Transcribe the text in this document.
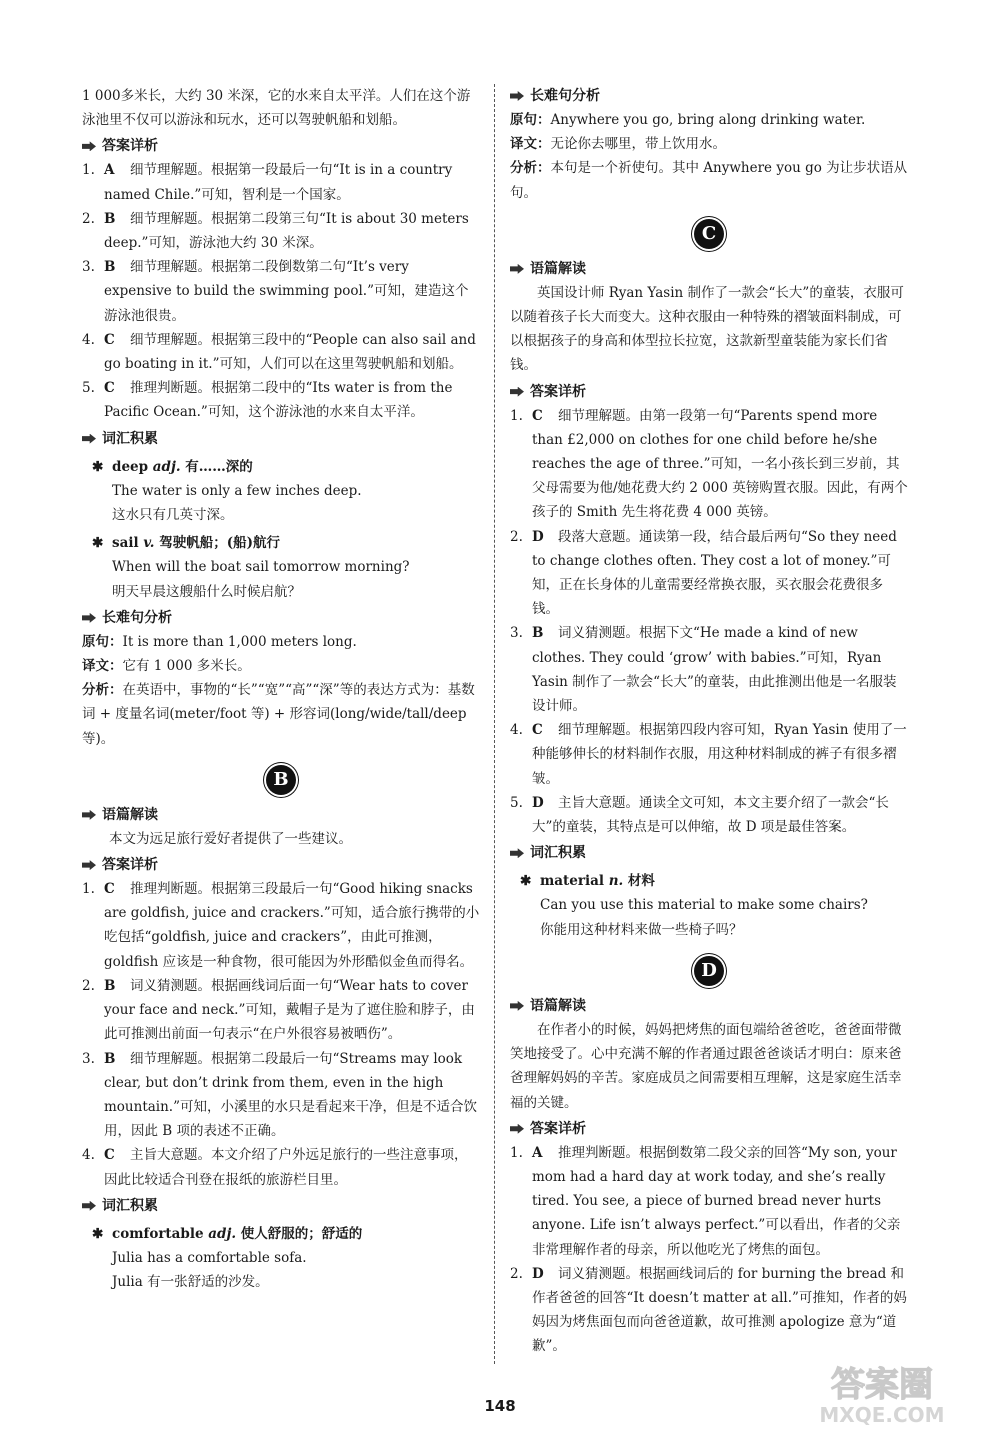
1 000多米长，大约 30 米深，它的水来自太平洋。人们在这个游泳池里不仅可以游泳和玩水，还可以驾驶帆船和划船。

答案详析

1. A 细节理解题。根据第一段最后一句“It is in a country named Chile.”可知，智利是一个国家。

2. B 细节理解题。根据第二段第三句“It is about 30 meters deep.”可知，游泳池大约 30 米深。

3. B 细节理解题。根据第二段倒数第二句“It’s very expensive to build the swimming pool.”可知，建造这个游泳池很贵。

4. C 细节理解题。根据第三段中的“People can also sail and go boating in it.”可知，人们可以在这里驾驶帆船和划船。

5. C 推理判断题。根据第二段中的“Its water is from the Pacific Ocean.”可知，这个游泳池的水来自太平洋。

词汇积累

✱ deep adj. 有……深的

The water is only a few inches deep.

这水只有几英寸深。

✱ sail v. 驾驶帆船；(船)航行

When will the boat sail tomorrow morning?

明天早晨这艘船什么时候启航？

长难句分析

原句：It is more than 1,000 meters long.

译文：它有 1 000 多米长。

分析：在英语中，事物的“长”“宽”“高”“深”等的表达方式为：基数词 + 度量名词(meter/foot 等) + 形容词(long/wide/tall/deep 等)。

B
语篇解读

本文为远足旅行爱好者提供了一些建议。

答案详析

1. C 推理判断题。根据第三段最后一句“Good hiking snacks are goldfish, juice and crackers.”可知，适合旅行携带的小吃包括“goldfish, juice and crackers”，由此可推测，goldfish 应该是一种食物，很可能因为外形酷似金鱼而得名。

2. B 词义猜测题。根据画线词后面一句“Wear hats to cover your face and neck.”可知，戴帽子是为了遮住脸和脖子，由此可推测出前面一句表示“在户外很容易被晒伤”。

3. B 细节理解题。根据第二段最后一句“Streams may look clear, but don’t drink from them, even in the high mountain.”可知，小溪里的水只是看起来干净，但是不适合饮用，因此 B 项的表述不正确。

4. C 主旨大意题。本文介绍了户外远足旅行的一些注意事项，因此比较适合刊登在报纸的旅游栏目里。

词汇积累

✱ comfortable adj. 使人舒服的；舒适的

Julia has a comfortable sofa.

Julia 有一张舒适的沙发。

长难句分析

原句：Anywhere you go, bring along drinking water.

译文：无论你去哪里，带上饮用水。

分析：本句是一个祈使句。其中 Anywhere you go 为让步状语从句。

C
语篇解读

英国设计师 Ryan Yasin 制作了一款会“长大”的童装，衣服可以随着孩子长大而变大。这种衣服由一种特殊的褶皱面料制成，可以根据孩子的身高和体型拉长拉宽，这款新型童装能为家长们省钱。

答案详析

1. C 细节理解题。由第一段第一句“Parents spend more than £2,000 on clothes for one child before he/she reaches the age of three.”可知，一名小孩长到三岁前，其父母需要为他/她花费大约 2 000 英镑购置衣服。因此，有两个孩子的 Smith 先生将花费 4 000 英镑。

2. D 段落大意题。通读第一段，结合最后两句“So they need to change clothes often. They cost a lot of money.”可知，正在长身体的儿童需要经常换衣服，买衣服会花费很多钱。

3. B 词义猜测题。根据下文“He made a kind of new clothes. They could ‘grow’ with babies.”可知，Ryan Yasin 制作了一款会“长大”的童装，由此推测出他是一名服装设计师。

4. C 细节理解题。根据第四段内容可知，Ryan Yasin 使用了一种能够伸长的材料制作衣服，用这种材料制成的裤子有很多褶皱。

5. D 主旨大意题。通读全文可知，本文主要介绍了一款会“长大”的童装，其特点是可以伸缩，故 D 项是最佳答案。

词汇积累

✱ material n. 材料

Can you use this material to make some chairs?

你能用这种材料来做一些椅子吗？

D
语篇解读

在作者小的时候，妈妈把烤焦的面包端给爸爸吃，爸爸面带微笑地接受了。心中充满不解的作者通过跟爸爸谈话才明白：原来爸爸理解妈妈的辛苦。家庭成员之间需要相互理解，这是家庭生活幸福的关键。

答案详析

1. A 推理判断题。根据倒数第二段父亲的回答“My son, your mom had a hard day at work today, and she’s really tired. You see, a piece of burned bread never hurts anyone. Life isn’t always perfect.”可以看出，作者的父亲非常理解作者的母亲，所以他吃光了烤焦的面包。

2. D 词义猜测题。根据画线词后的 for burning the bread 和作者爸爸的回答“It doesn’t matter at all.”可推知，作者的妈妈因为烤焦面包而向爸爸道歉，故可推测 apologize 意为“道歉”。

148
答案圈
MXQE.COM
